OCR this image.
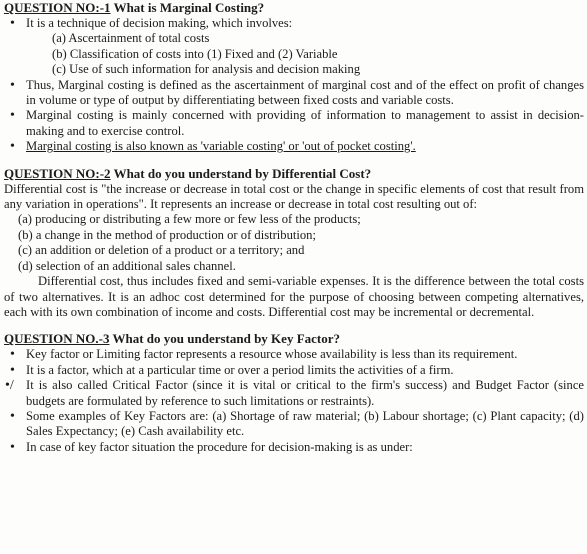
QUESTION NO:-1 What is Marginal Costing?
• It is a technique of decision making, which involves:
(a) Ascertainment of total costs
(b) Classification of costs into (1) Fixed and (2) Variable
(c) Use of such information for analysis and decision making
• Thus, Marginal costing is defined as the ascertainment of marginal cost and of the effect on profit of changes in volume or type of output by differentiating between fixed costs and variable costs.
• Marginal costing is mainly concerned with providing of information to management to assist in decision-making and to exercise control.
• Marginal costing is also known as 'variable costing' or 'out of pocket costing'.
QUESTION NO:-2 What do you understand by Differential Cost?

Differential cost is "the increase or decrease in total cost or the change in specific elements of cost that result from any variation in operations". It represents an increase or decrease in total cost resulting out of:

(a) producing or distributing a few more or few less of the products;
(b) a change in the method of production or of distribution;
(c) an addition or deletion of a product or a territory; and
(d) selection of an additional sales channel.

Differential cost, thus includes fixed and semi-variable expenses. It is the difference between the total costs of two alternatives. It is an adhoc cost determined for the purpose of choosing between competing alternatives, each with its own combination of income and costs. Differential cost may be incremental or decremental.

QUESTION NO.-3 What do you understand by Key Factor?
• Key factor or Limiting factor represents a resource whose availability is less than its requirement.
• It is a factor, which at a particular time or over a period limits the activities of a firm.
•/ It is also called Critical Factor (since it is vital or critical to the firm's success) and Budget Factor (since budgets are formulated by reference to such limitations or restraints).
• Some examples of Key Factors are: (a) Shortage of raw material; (b) Labour shortage; (c) Plant capacity; (d) Sales Expectancy; (e) Cash availability etc.
• In case of key factor situation the procedure for decision-making is as under:
